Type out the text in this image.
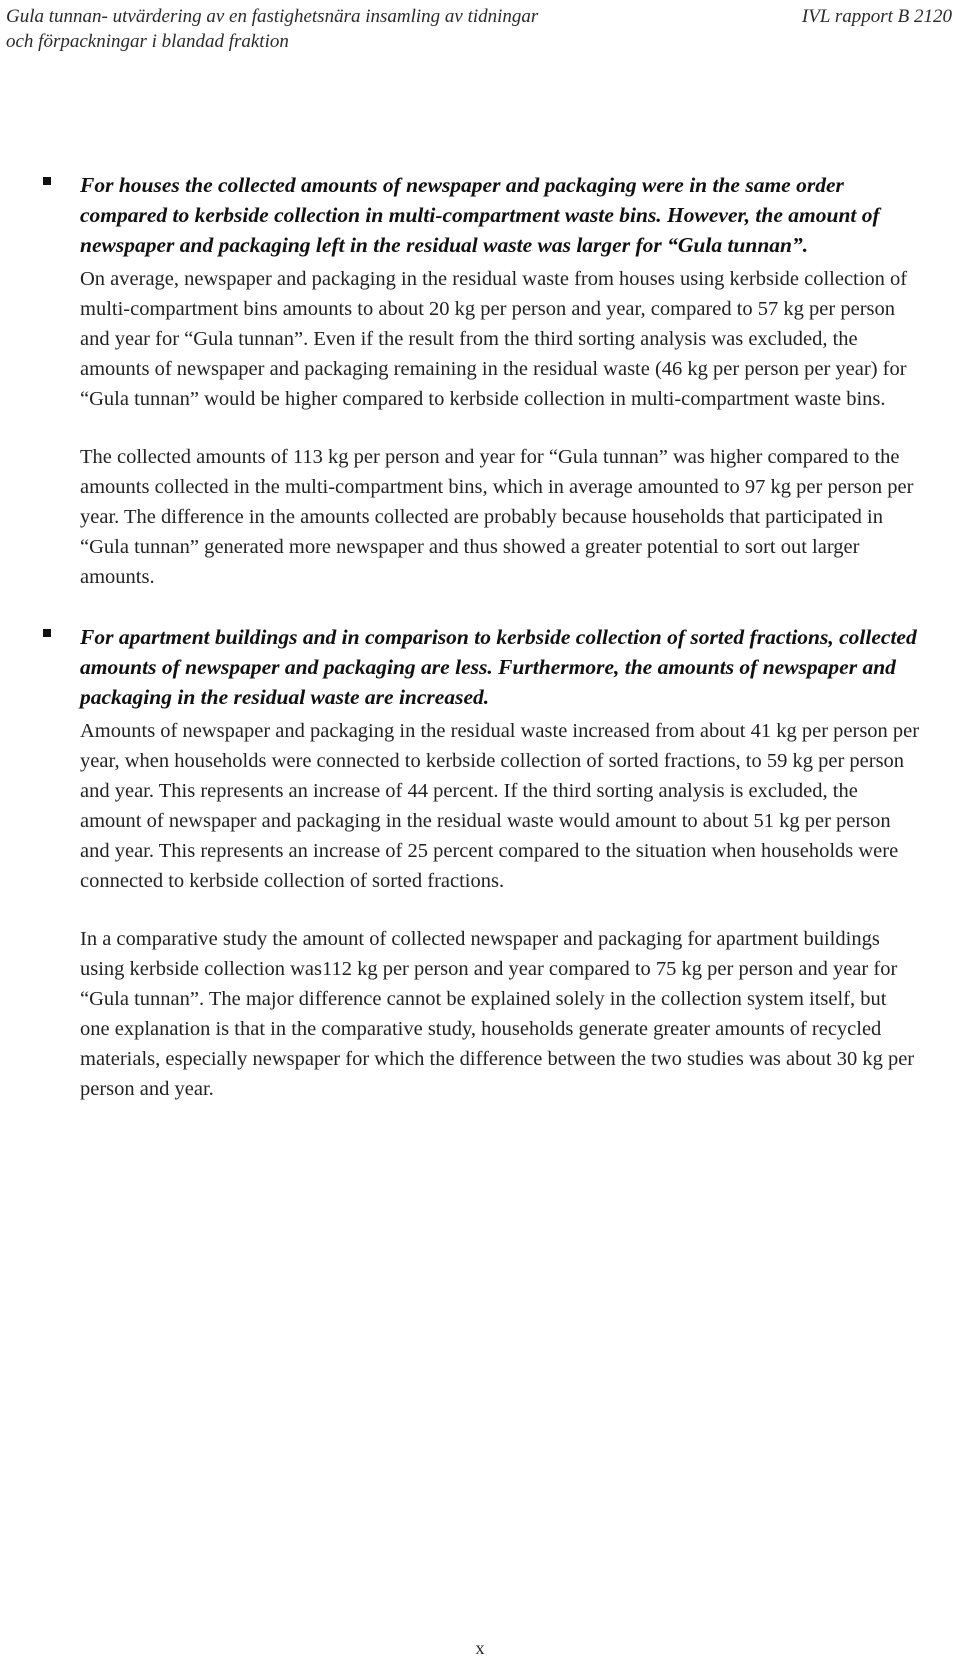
Gula tunnan- utvärdering av en fastighetsnära insamling av tidningar
och förpackningar i blandad fraktion
IVL rapport B 2120

For houses the collected amounts of newspaper and packaging were in the same order compared to kerbside collection in multi-compartment waste bins. However, the amount of newspaper and packaging left in the residual waste was larger for “Gula tunnan”.

On average, newspaper and packaging in the residual waste from houses using kerbside collection of multi-compartment bins amounts to about 20 kg per person and year, compared to 57 kg per person and year for “Gula tunnan”. Even if the result from the third sorting analysis was excluded, the amounts of newspaper and packaging remaining in the residual waste (46 kg per person per year) for “Gula tunnan” would be higher compared to kerbside collection in multi-compartment waste bins.

The collected amounts of 113 kg per person and year for “Gula tunnan” was higher compared to the amounts collected in the multi-compartment bins, which in average amounted to 97 kg per person per year. The difference in the amounts collected are probably because households that participated in “Gula tunnan” generated more newspaper and thus showed a greater potential to sort out larger amounts.

For apartment buildings and in comparison to kerbside collection of sorted fractions, collected amounts of newspaper and packaging are less. Furthermore, the amounts of newspaper and packaging in the residual waste are increased.

Amounts of newspaper and packaging in the residual waste increased from about 41 kg per person per year, when households were connected to kerbside collection of sorted fractions, to 59 kg per person and year. This represents an increase of 44 percent. If the third sorting analysis is excluded, the amount of newspaper and packaging in the residual waste would amount to about 51 kg per person and year. This represents an increase of 25 percent compared to the situation when households were connected to kerbside collection of sorted fractions.

In a comparative study the amount of collected newspaper and packaging for apartment buildings using kerbside collection was112 kg per person and year compared to 75 kg per person and year for “Gula tunnan”. The major difference cannot be explained solely in the collection system itself, but one explanation is that in the comparative study, households generate greater amounts of recycled materials, especially newspaper for which the difference between the two studies was about 30 kg per person and year.

x
